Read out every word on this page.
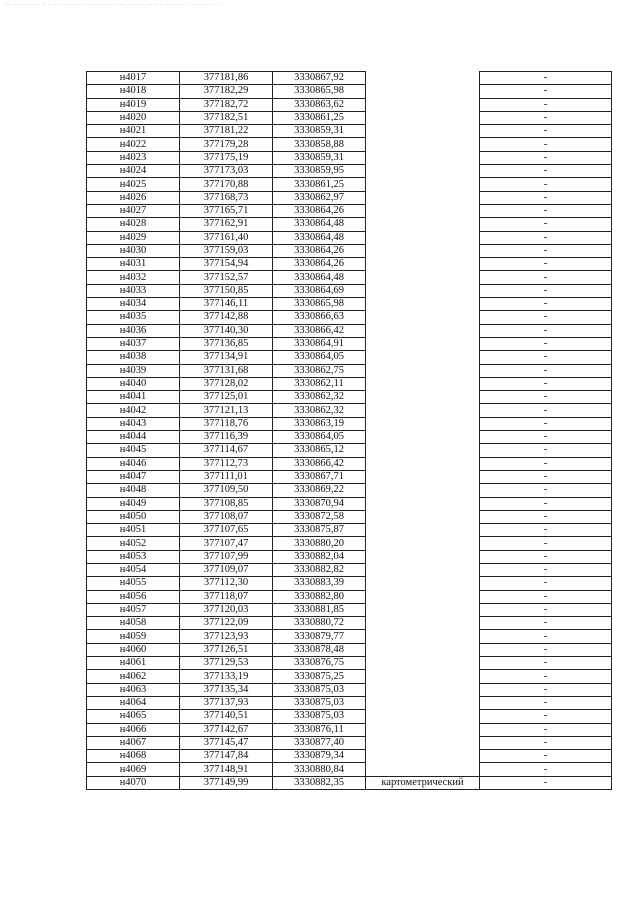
.... ..... ...... ... .. .. ..... . ....... . .............. ... ..... . ....... .... ..... ...... .... . ......... ... . . . .
н4017	377181,86	3330867,92		-
н4018	377182,29	3330865,98		-
н4019	377182,72	3330863,62		-
н4020	377182,51	3330861,25		-
н4021	377181,22	3330859,31		-
н4022	377179,28	3330858,88		-
н4023	377175,19	3330859,31		-
н4024	377173,03	3330859,95		-
н4025	377170,88	3330861,25		-
н4026	377168,73	3330862,97		-
н4027	377165,71	3330864,26		-
н4028	377162,91	3330864,48		-
н4029	377161,40	3330864,48		-
н4030	377159,03	3330864,26		-
н4031	377154,94	3330864,26		-
н4032	377152,57	3330864,48		-
н4033	377150,85	3330864,69		-
н4034	377146,11	3330865,98		-
н4035	377142,88	3330866,63		-
н4036	377140,30	3330866,42		-
н4037	377136,85	3330864,91		-
н4038	377134,91	3330864,05		-
н4039	377131,68	3330862,75		-
н4040	377128,02	3330862,11		-
н4041	377125,01	3330862,32		-
н4042	377121,13	3330862,32		-
н4043	377118,76	3330863,19		-
н4044	377116,39	3330864,05		-
н4045	377114,67	3330865,12		-
н4046	377112,73	3330866,42		-
н4047	377111,01	3330867,71		-
н4048	377109,50	3330869,22		-
н4049	377108,85	3330870,94		-
н4050	377108,07	3330872,58		-
н4051	377107,65	3330875,87		-
н4052	377107,47	3330880,20		-
н4053	377107,99	3330882,04		-
н4054	377109,07	3330882,82		-
н4055	377112,30	3330883,39		-
н4056	377118,07	3330882,80		-
н4057	377120,03	3330881,85		-
н4058	377122,09	3330880,72		-
н4059	377123,93	3330879,77		-
н4060	377126,51	3330878,48		-
н4061	377129,53	3330876,75		-
н4062	377133,19	3330875,25		-
н4063	377135,34	3330875,03		-
н4064	377137,93	3330875,03		-
н4065	377140,51	3330875,03		-
н4066	377142,67	3330876,11		-
н4067	377145,47	3330877,40		-
н4068	377147,84	3330879,34		-
н4069	377148,91	3330880,84		-
н4070	377149,99	3330882,35	картометрический	-
